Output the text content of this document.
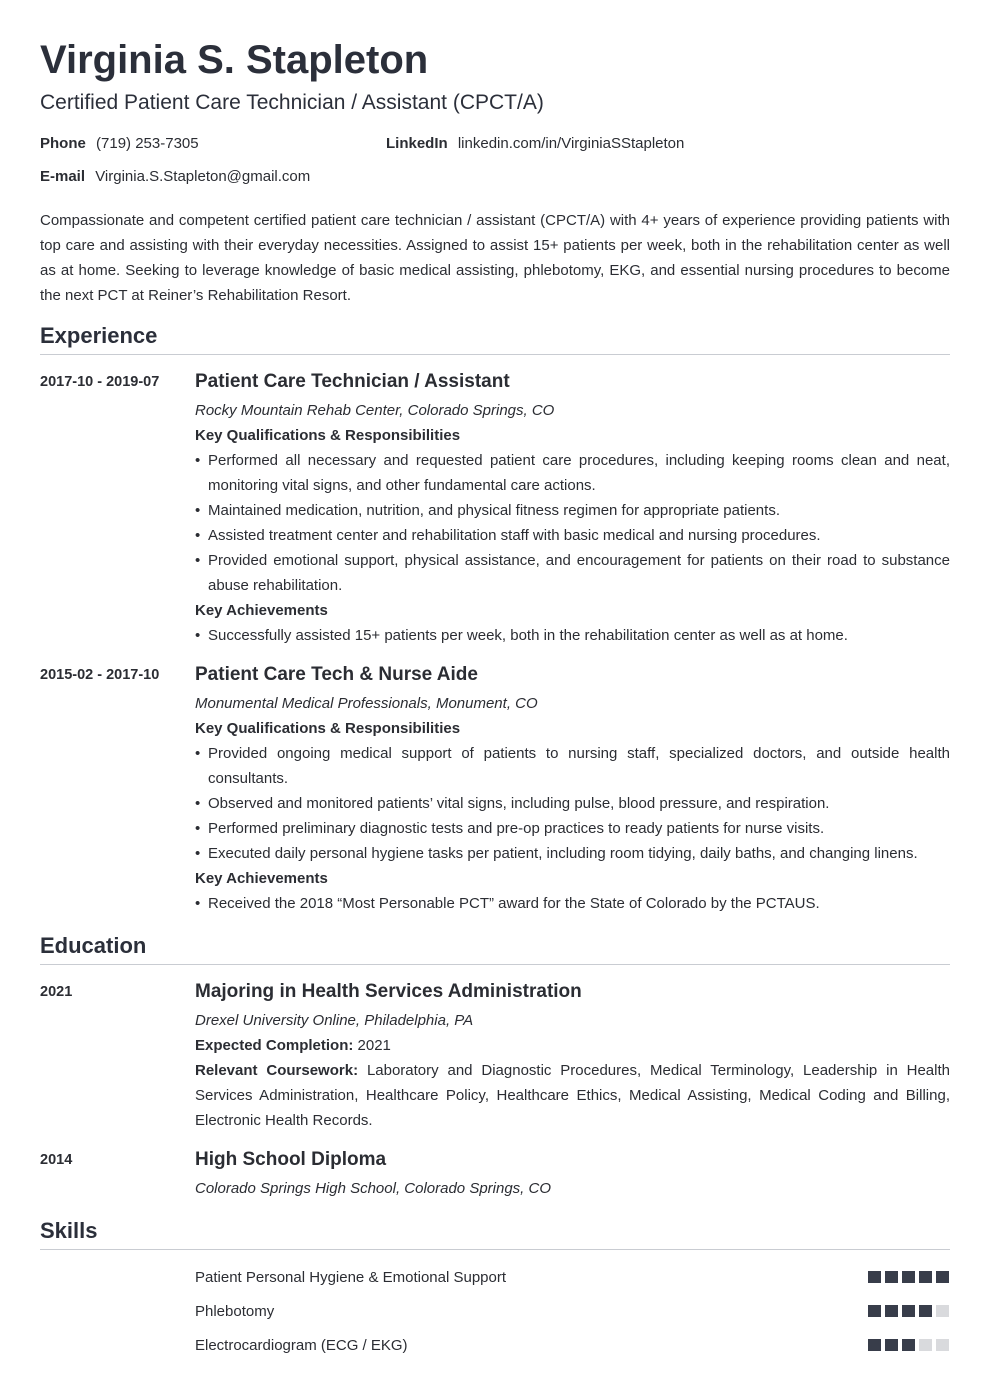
Virginia S. Stapleton
Certified Patient Care Technician / Assistant (CPCT/A)
Phone (719) 253-7305	LinkedIn linkedin.com/in/VirginiaSStapleton
E-mail Virginia.S.Stapleton@gmail.com
Compassionate and competent certified patient care technician / assistant (CPCT/A) with 4+ years of experience providing patients with top care and assisting with their everyday necessities. Assigned to assist 15+ patients per week, both in the rehabilitation center as well as at home. Seeking to leverage knowledge of basic medical assisting, phlebotomy, EKG, and essential nursing procedures to become the next PCT at Reiner’s Rehabilitation Resort.
Experience
2017-10 - 2019-07	Patient Care Technician / Assistant
Rocky Mountain Rehab Center, Colorado Springs, CO
Key Qualifications & Responsibilities
• Performed all necessary and requested patient care procedures, including keeping rooms clean and neat, monitoring vital signs, and other fundamental care actions.
• Maintained medication, nutrition, and physical fitness regimen for appropriate patients.
• Assisted treatment center and rehabilitation staff with basic medical and nursing procedures.
• Provided emotional support, physical assistance, and encouragement for patients on their road to substance abuse rehabilitation.
Key Achievements
• Successfully assisted 15+ patients per week, both in the rehabilitation center as well as at home.
2015-02 - 2017-10	Patient Care Tech & Nurse Aide
Monumental Medical Professionals, Monument, CO
Key Qualifications & Responsibilities
• Provided ongoing medical support of patients to nursing staff, specialized doctors, and outside health consultants.
• Observed and monitored patients’ vital signs, including pulse, blood pressure, and respiration.
• Performed preliminary diagnostic tests and pre-op practices to ready patients for nurse visits.
• Executed daily personal hygiene tasks per patient, including room tidying, daily baths, and changing linens.
Key Achievements
• Received the 2018 “Most Personable PCT” award for the State of Colorado by the PCTAUS.
Education
2021	Majoring in Health Services Administration
Drexel University Online, Philadelphia, PA
Expected Completion: 2021
Relevant Coursework: Laboratory and Diagnostic Procedures, Medical Terminology, Leadership in Health Services Administration, Healthcare Policy, Healthcare Ethics, Medical Assisting, Medical Coding and Billing, Electronic Health Records.
2014	High School Diploma
Colorado Springs High School, Colorado Springs, CO
Skills
Patient Personal Hygiene & Emotional Support
Phlebotomy
Electrocardiogram (ECG / EKG)
